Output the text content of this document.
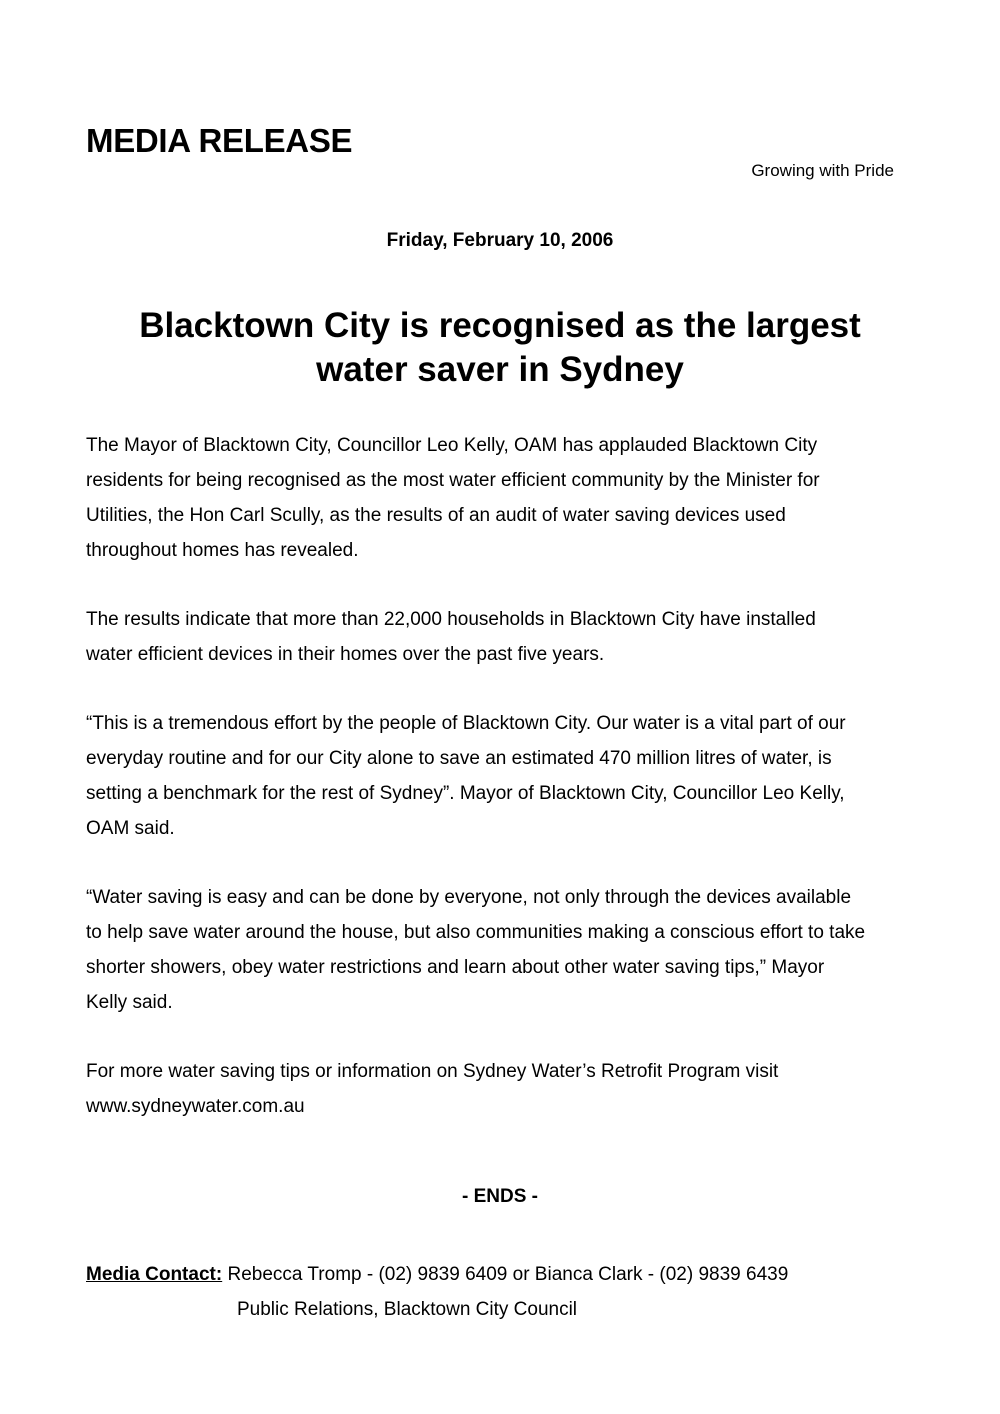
MEDIA RELEASE
Growing with Pride
Friday, February 10, 2006
Blacktown City is recognised as the largest
water saver in Sydney
The Mayor of Blacktown City, Councillor Leo Kelly, OAM has applauded Blacktown City
residents for being recognised as the most water efficient community by the Minister for
Utilities, the Hon Carl Scully, as the results of an audit of water saving devices used
throughout homes has revealed.
The results indicate that more than 22,000 households in Blacktown City have installed
water efficient devices in their homes over the past five years.
“This is a tremendous effort by the people of Blacktown City. Our water is a vital part of our
everyday routine and for our City alone to save an estimated 470 million litres of water, is
setting a benchmark for the rest of Sydney”. Mayor of Blacktown City, Councillor Leo Kelly,
OAM said.
“Water saving is easy and can be done by everyone, not only through the devices available
to help save water around the house, but also communities making a conscious effort to take
shorter showers, obey water restrictions and learn about other water saving tips,” Mayor
Kelly said.
For more water saving tips or information on Sydney Water’s Retrofit Program visit
www.sydneywater.com.au
- ENDS -
Media Contact: Rebecca Tromp - (02) 9839 6409 or Bianca Clark - (02) 9839 6439
Public Relations, Blacktown City Council
